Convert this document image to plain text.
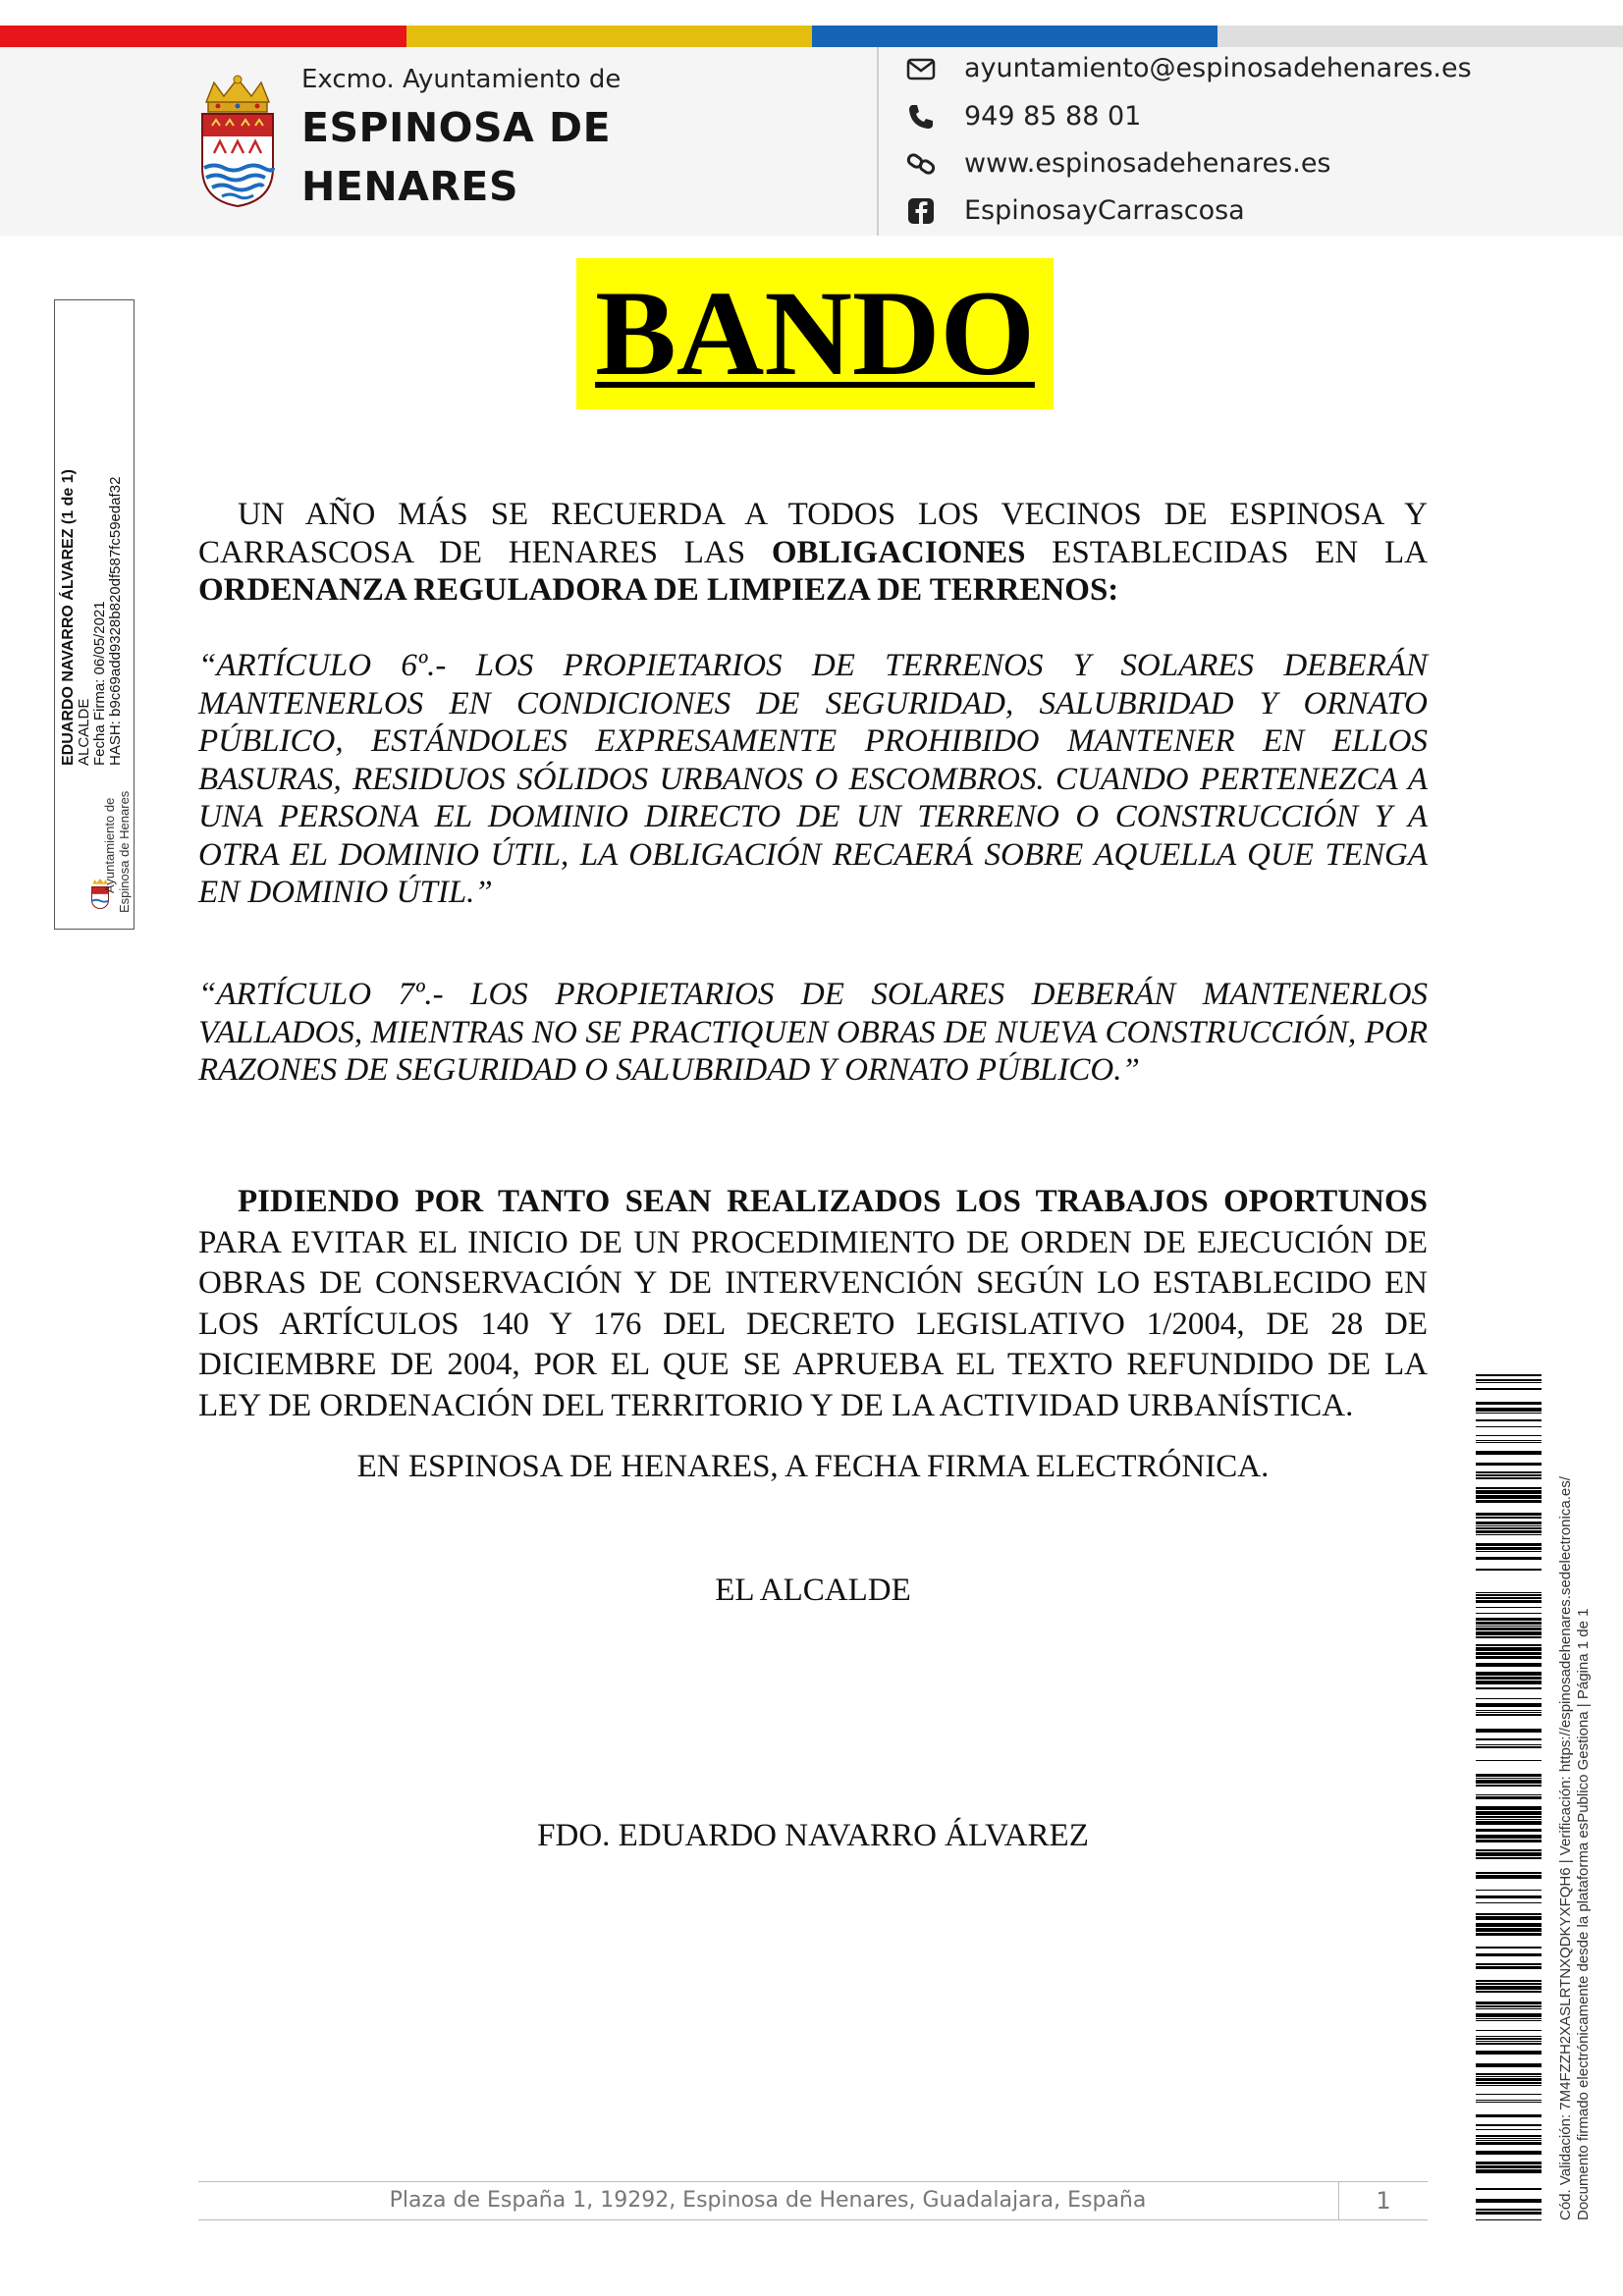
Excmo. Ayuntamiento de
ESPINOSA DE
HENARES
ayuntamiento@espinosadehenares.es
949 85 88 01
www.espinosadehenares.es
EspinosayCarrascosa
BANDO
EDUARDO NAVARRO ÁLVAREZ (1 de 1) ALCALDE Fecha Firma: 06/05/2021 HASH: b9c69add9328b820df587fc59edaf32
Ayuntamiento de Espinosa de Henares
UN AÑO MÁS SE RECUERDA A TODOS LOS VECINOS DE ESPINOSA Y CARRASCOSA DE HENARES LAS OBLIGACIONES ESTABLECIDAS EN LA ORDENANZA REGULADORA DE LIMPIEZA DE TERRENOS:
“ARTÍCULO 6º.- LOS PROPIETARIOS DE TERRENOS Y SOLARES DEBERÁN MANTENERLOS EN CONDICIONES DE SEGURIDAD, SALUBRIDAD Y ORNATO PÚBLICO, ESTÁNDOLES EXPRESAMENTE PROHIBIDO MANTENER EN ELLOS BASURAS, RESIDUOS SÓLIDOS URBANOS O ESCOMBROS. CUANDO PERTENEZCA A UNA PERSONA EL DOMINIO DIRECTO DE UN TERRENO O CONSTRUCCIÓN Y A OTRA EL DOMINIO ÚTIL, LA OBLIGACIÓN RECAERÁ SOBRE AQUELLA QUE TENGA EN DOMINIO ÚTIL.”
“ARTÍCULO 7º.- LOS PROPIETARIOS DE SOLARES DEBERÁN MANTENERLOS VALLADOS, MIENTRAS NO SE PRACTIQUEN OBRAS DE NUEVA CONSTRUCCIÓN, POR RAZONES DE SEGURIDAD O SALUBRIDAD Y ORNATO PÚBLICO.”
PIDIENDO POR TANTO SEAN REALIZADOS LOS TRABAJOS OPORTUNOS PARA EVITAR EL INICIO DE UN PROCEDIMIENTO DE ORDEN DE EJECUCIÓN DE OBRAS DE CONSERVACIÓN Y DE INTERVENCIÓN SEGÚN LO ESTABLECIDO EN LOS ARTÍCULOS 140 Y 176 DEL DECRETO LEGISLATIVO 1/2004, DE 28 DE DICIEMBRE DE 2004, POR EL QUE SE APRUEBA EL TEXTO REFUNDIDO DE LA LEY DE ORDENACIÓN DEL TERRITORIO Y DE LA ACTIVIDAD URBANÍSTICA.
EN ESPINOSA DE HENARES, A FECHA FIRMA ELECTRÓNICA.
EL ALCALDE
FDO. EDUARDO NAVARRO ÁLVAREZ	Cód. Validación: 7M4FZZH2XASLRTNXQDKYXFQH6 | Verificación: https://espinosadehenares.sedelectronica.es/ Documento firmado electrónicamente desde la plataforma esPublico Gestiona | Página 1 de 1
Plaza de España 1, 19292, Espinosa de Henares, Guadalajara, España	1
